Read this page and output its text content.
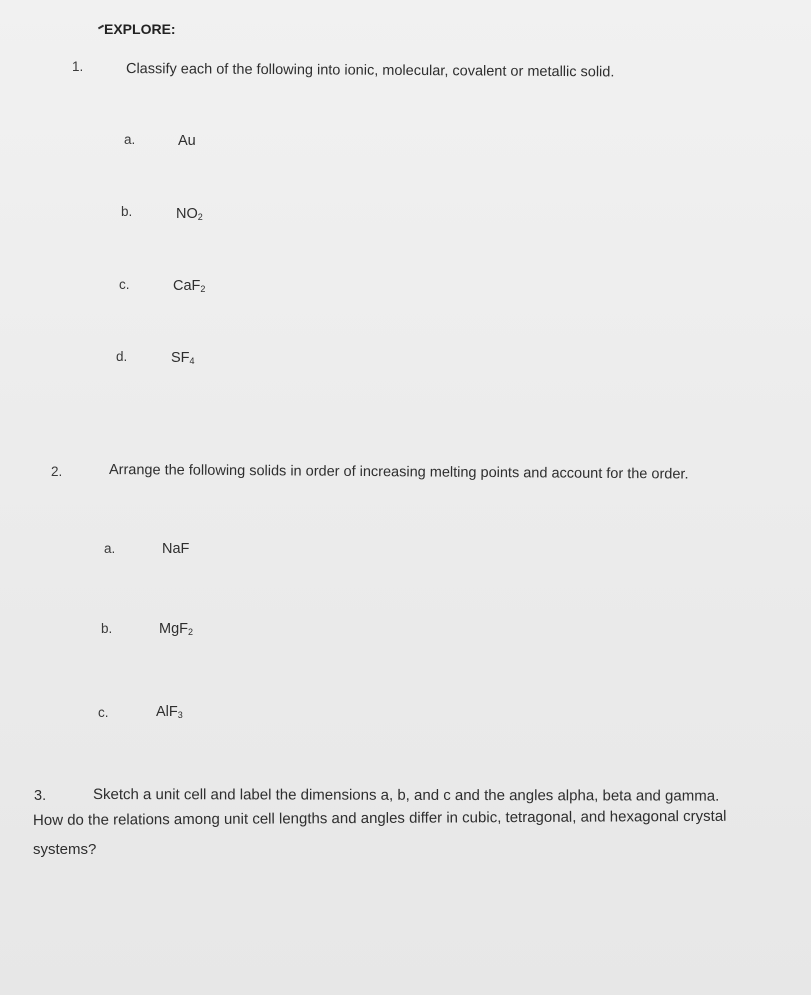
EXPLORE:
1.	Classify each of the following into ionic, molecular, covalent or metallic solid.
a.	Au
b.	$NO_2$
c.	CaF$_2$
d.	$SF_4$
2.	Arrange the following solids in order of increasing melting points and account for the order.
a.	NaF
b.	MgF$_2$
c.	AlF$_3$
3.	Sketch a unit cell and label the dimensions a, b, and c and the angles alpha, beta and gamma.
How do the relations among unit cell lengths and angles differ in cubic, tetragonal, and hexagonal crystal
systems?
